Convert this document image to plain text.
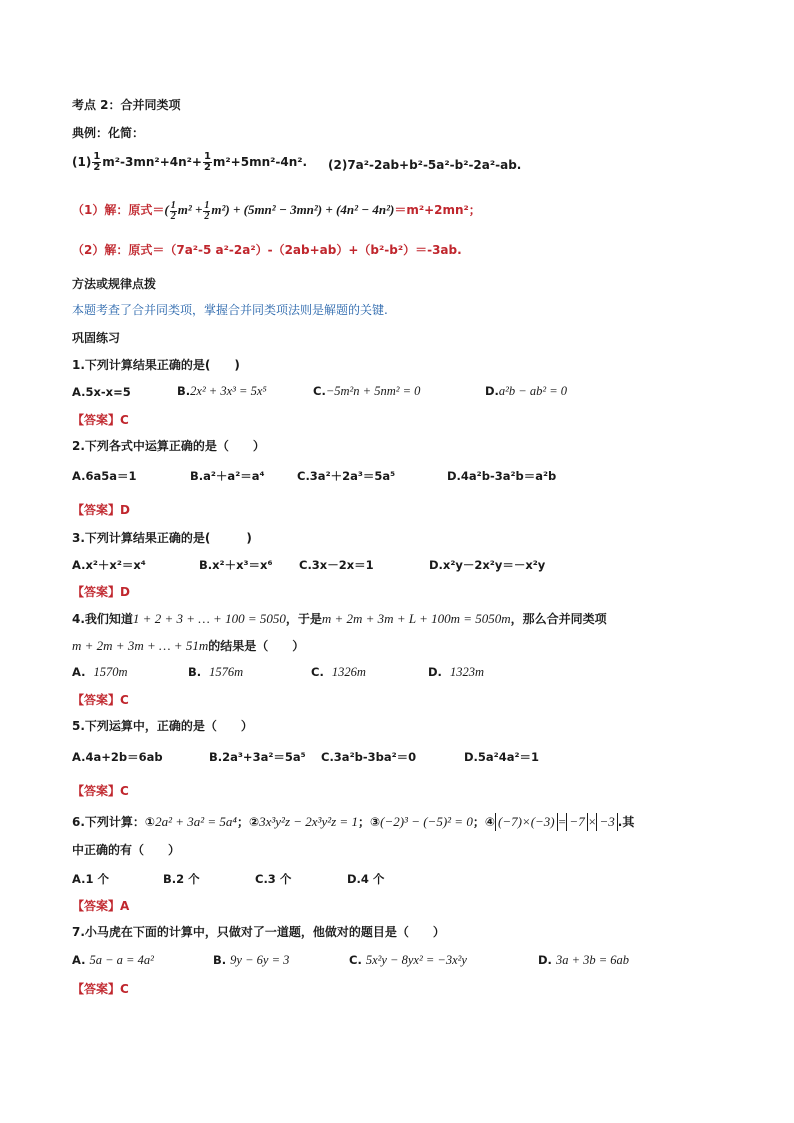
考点 2：合并同类项
典例：化简：
$(1) \frac{1}{2} m^2-3mn^2+4n^2+ \frac{1}{2} m^2+5mn^2-4n^2$. (2)7a²-2ab+b²-5a²-b²-2a²-ab.
（1）解：原式＝( $\frac{1}{2} m^2 + \frac{1}{2} m^2) + (5mn^2 - 3mn^2) + (4n^2 - 4n^2)=m^2+2mn^2$；
（2）解：原式＝（7a²-5 a²-2a²）-（2ab+ab）+（b²-b²）＝-3ab.
方法或规律点拨
本题考查了合并同类项，掌握合并同类项法则是解题的关键.
巩固练习
1.下列计算结果正确的是(　　)
A.5x-x=5	B.2x² + 3x³ = 5x⁵	C.−5m²n + 5nm² = 0	D.a²b − ab² = 0
【答案】C
2.下列各式中运算正确的是（　　）
A.6a5a＝1	B.a²＋a²＝a⁴	C.3a²＋2a³＝5a⁵	D.4a²b-3a²b＝a²b
【答案】D
3.下列计算结果正确的是(　　　)
A.x²＋x²＝x⁴	B.x²＋x³＝x⁶ C.3x－2x＝1	D.x²y－2x²y＝－x²y
【答案】D
4.我们知道1 + 2 + 3 + … + 100 = 5050，于是m + 2m + 3m + L + 100m = 5050m，那么合并同类项
m + 2m + 3m + … + 51m的结果是（　　）
A. 1570m	B. 1576m	C. 1326m	D. 1323m
【答案】C
5.下列运算中，正确的是（　　）
A.4a+2b＝6ab	B.2a³+3a²＝5a⁵ C.3a²b-3ba²＝0	D.5a²4a²＝1
【答案】C
6.下列计算：①2a² + 3a² = 5a⁴；②3x³y²z − 2x³y²z = 1；③(−2)³ − (−5)² = 0；④ (−7)×(−3) = −7 × −3 .其
中正确的有（　　）
A.1 个	B.2 个	C.3 个	D.4 个
【答案】A
7.小马虎在下面的计算中，只做对了一道题，他做对的题目是（　　）
A. 5a − a = 4a²	B. 9y − 6y = 3	C. 5x²y − 8yx² = −3x²y	D. 3a + 3b = 6ab
【答案】C
